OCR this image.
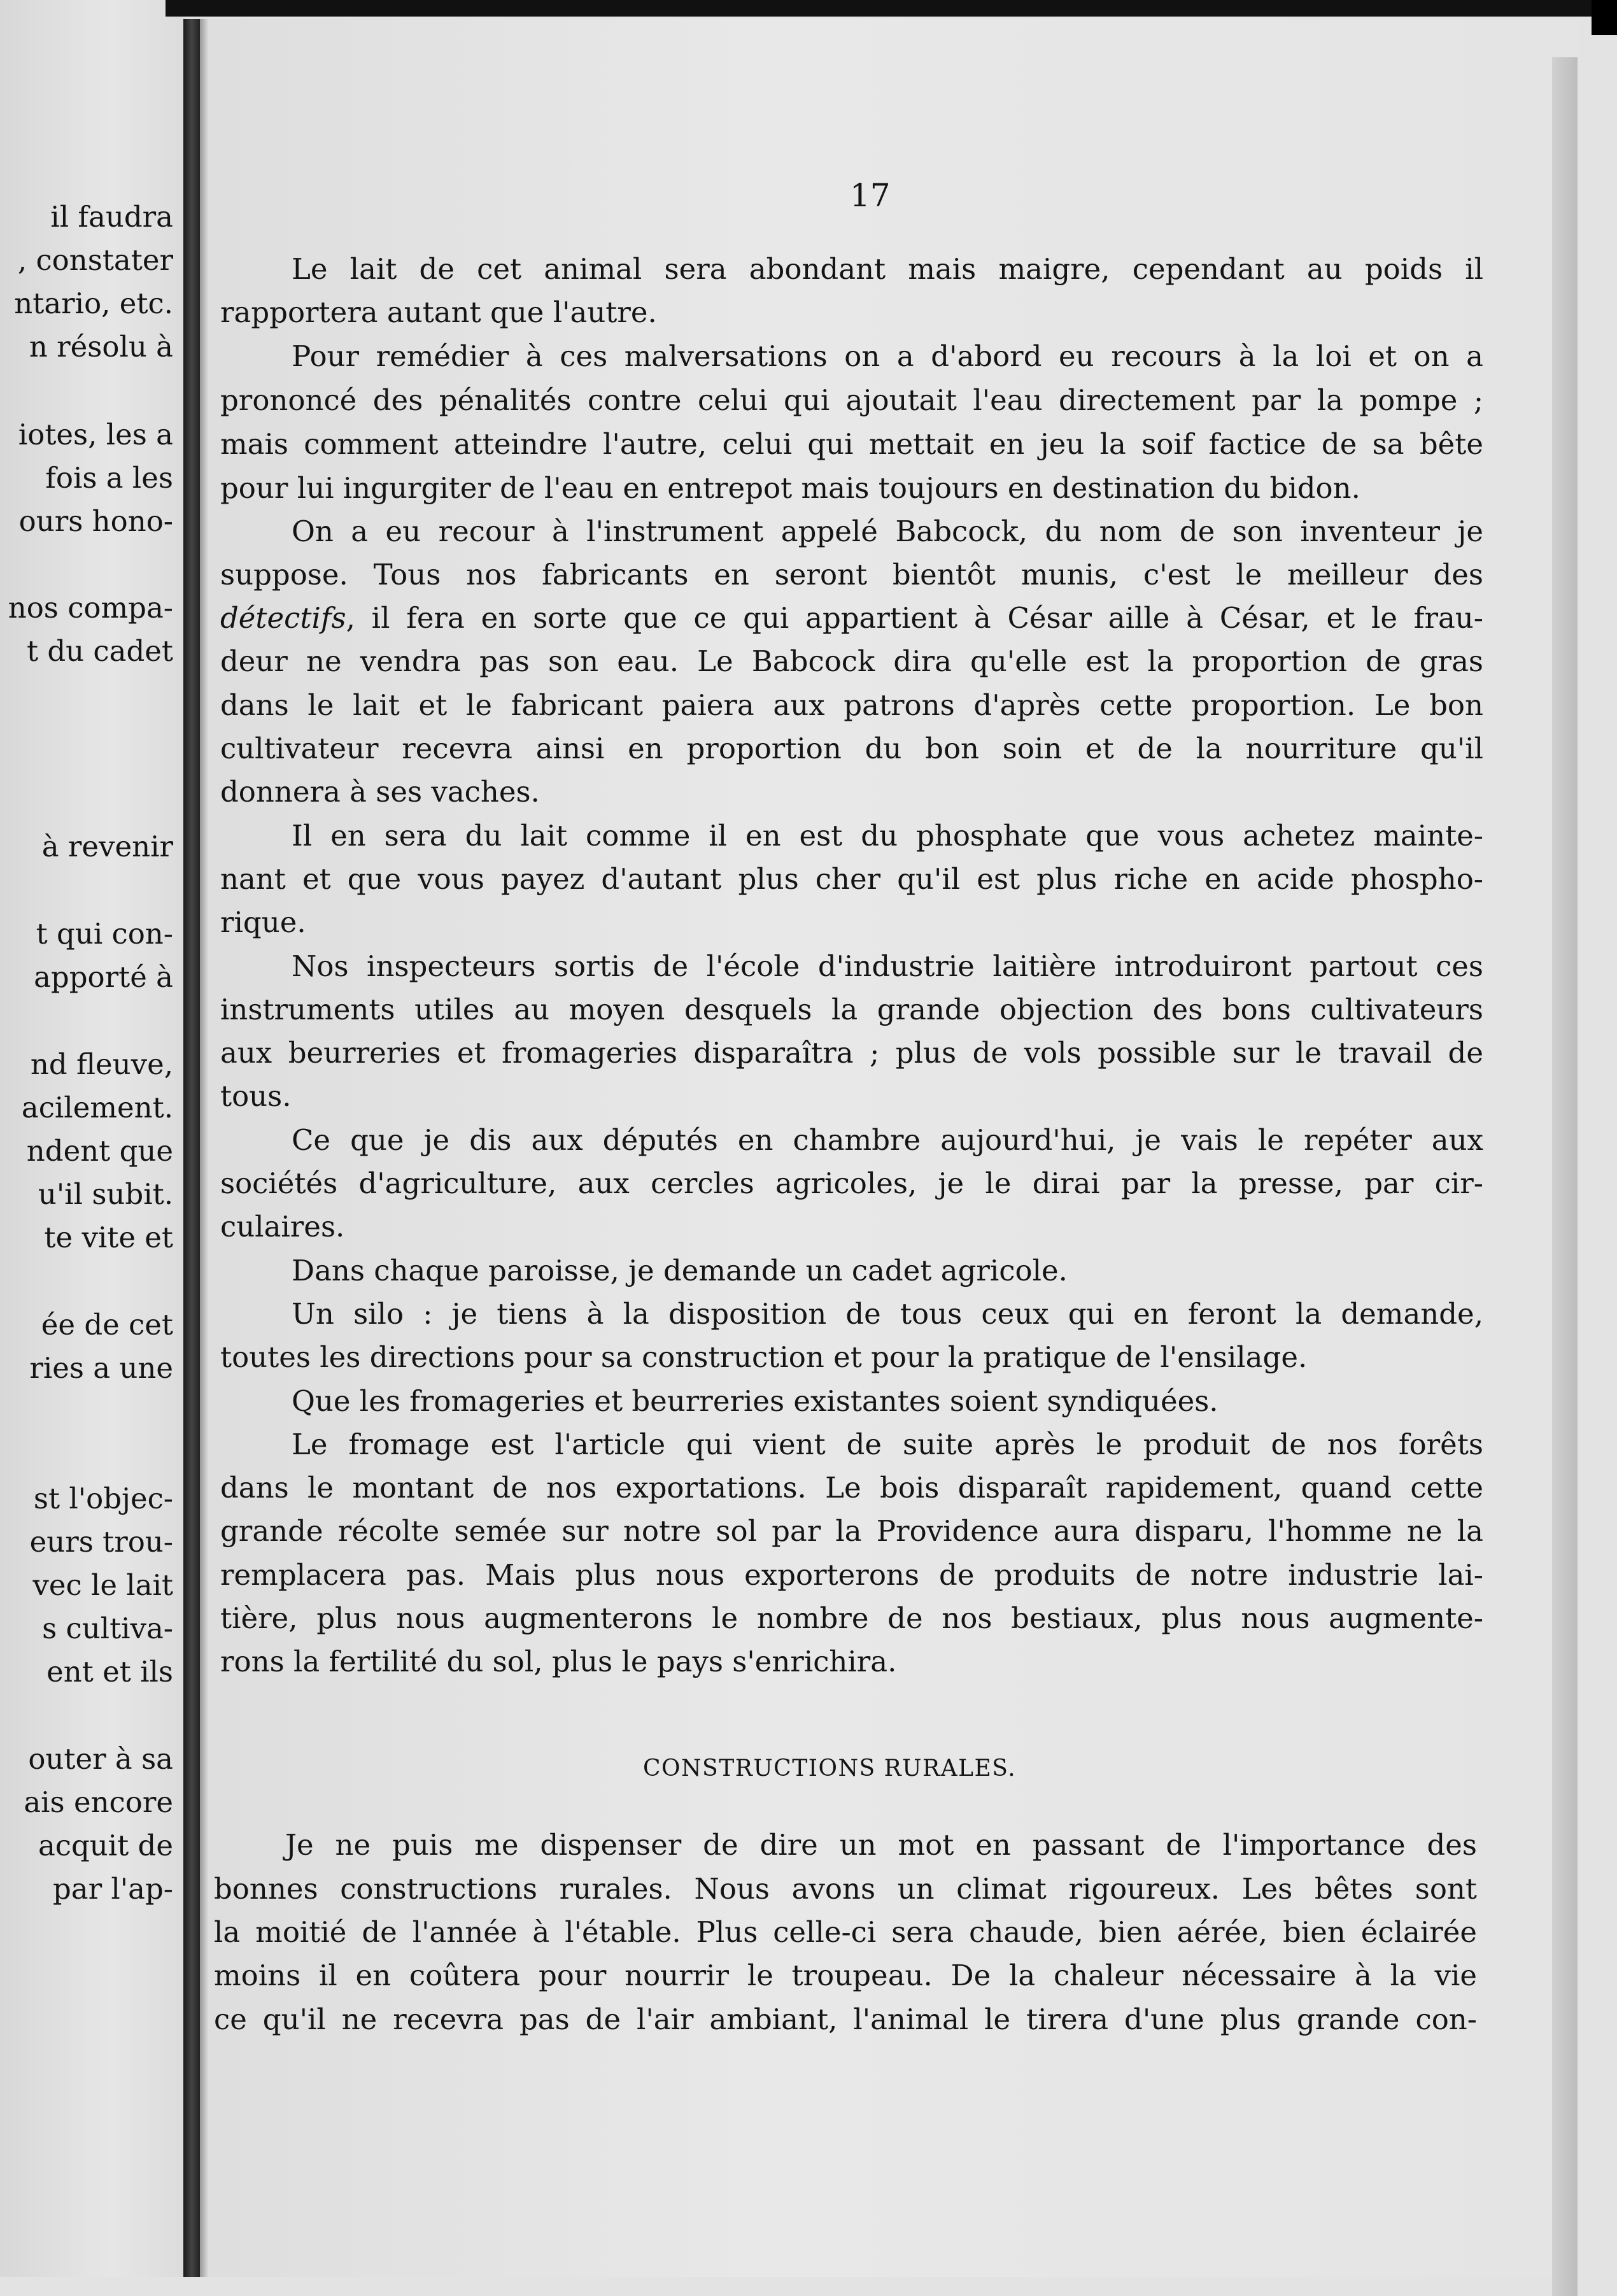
il faudra
, constater
ntario, etc.
n résolu à
iotes, les a
fois a les
ours hono-
nos compa-
t du cadet
à revenir
t qui con-
apporté à
nd fleuve,
acilement.
ndent que
u'il subit.
te vite et
ée de cet
ries a une
st l'objec-
eurs trou-
vec le lait
s cultiva-
ent et ils
outer à sa
ais encore
acquit de
par l'ap-
17
Le lait de cet animal sera abondant mais maigre, cependant au poids il
rapportera autant que l'autre.
Pour remédier à ces malversations on a d'abord eu recours à la loi et on a
prononcé des pénalités contre celui qui ajoutait l'eau directement par la pompe ;
mais comment atteindre l'autre, celui qui mettait en jeu la soif factice de sa bête
pour lui ingurgiter de l'eau en entrepot mais toujours en destination du bidon.
On a eu recour à l'instrument appelé Babcock, du nom de son inventeur je
suppose. Tous nos fabricants en seront bientôt munis, c'est le meilleur des
détectifs, il fera en sorte que ce qui appartient à César aille à César, et le frau-
deur ne vendra pas son eau. Le Babcock dira qu'elle est la proportion de gras
dans le lait et le fabricant paiera aux patrons d'après cette proportion. Le bon
cultivateur recevra ainsi en proportion du bon soin et de la nourriture qu'il
donnera à ses vaches.
Il en sera du lait comme il en est du phosphate que vous achetez mainte-
nant et que vous payez d'autant plus cher qu'il est plus riche en acide phospho-
rique.
Nos inspecteurs sortis de l'école d'industrie laitière introduiront partout ces
instruments utiles au moyen desquels la grande objection des bons cultivateurs
aux beurreries et fromageries disparaîtra ; plus de vols possible sur le travail de
tous.
Ce que je dis aux députés en chambre aujourd'hui, je vais le repéter aux
sociétés d'agriculture, aux cercles agricoles, je le dirai par la presse, par cir-
culaires.
Dans chaque paroisse, je demande un cadet agricole.
Un silo : je tiens à la disposition de tous ceux qui en feront la demande,
toutes les directions pour sa construction et pour la pratique de l'ensilage.
Que les fromageries et beurreries existantes soient syndiquées.
Le fromage est l'article qui vient de suite après le produit de nos forêts
dans le montant de nos exportations. Le bois disparaît rapidement, quand cette
grande récolte semée sur notre sol par la Providence aura disparu, l'homme ne la
remplacera pas. Mais plus nous exporterons de produits de notre industrie lai-
tière, plus nous augmenterons le nombre de nos bestiaux, plus nous augmente-
rons la fertilité du sol, plus le pays s'enrichira.
CONSTRUCTIONS RURALES.
Je ne puis me dispenser de dire un mot en passant de l'importance des
bonnes constructions rurales. Nous avons un climat rigoureux. Les bêtes sont
la moitié de l'année à l'étable. Plus celle-ci sera chaude, bien aérée, bien éclairée
moins il en coûtera pour nourrir le troupeau. De la chaleur nécessaire à la vie
ce qu'il ne recevra pas de l'air ambiant, l'animal le tirera d'une plus grande con-
